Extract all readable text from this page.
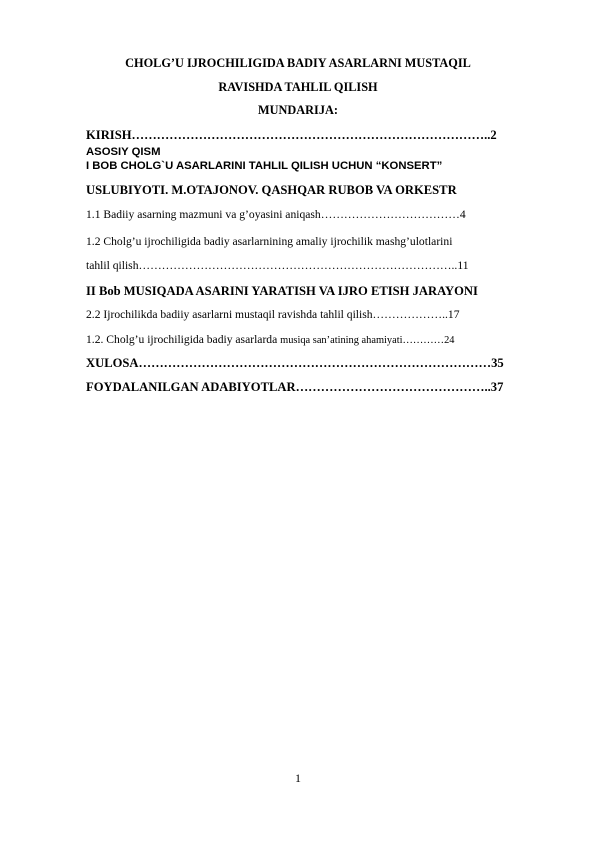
CHOLG’U IJROCHILIGIDA BADIY ASARLARNI MUSTAQIL
RAVISHDA TAHLIL QILISH
MUNDARIJA:
KIRISH…………………………………………………………………………..2
ASOSIY QISM
I BOB CHOLG`U ASARLARINI TAHLIL QILISH UCHUN “KONSERT”
USLUBIYOTI. M.OTAJONOV. QASHQAR RUBOB VA ORKESTR
1.1 Badiiy asarning mazmuni va g’oyasini aniqash………………………………4
1.2 Cholg’u ijrochiligida badiy asarlarnining amaliy ijrochilik mashg’ulotlarini
tahlil qilish………………………………………………………………………..11
II Bob MUSIQADA ASARINI YARATISH VA IJRO ETISH JARAYONI
2.2 Ijrochilikda badiiy asarlarni mustaqil ravishda tahlil qilish………………..17
1.2. Cholg’u ijrochiligida badiy asarlarda musiqa san’atining ahamiyati…………24
XULOSA…………………………………………………………………………35
FOYDALANILGAN ADABIYOTLAR………………………………………..37
1
